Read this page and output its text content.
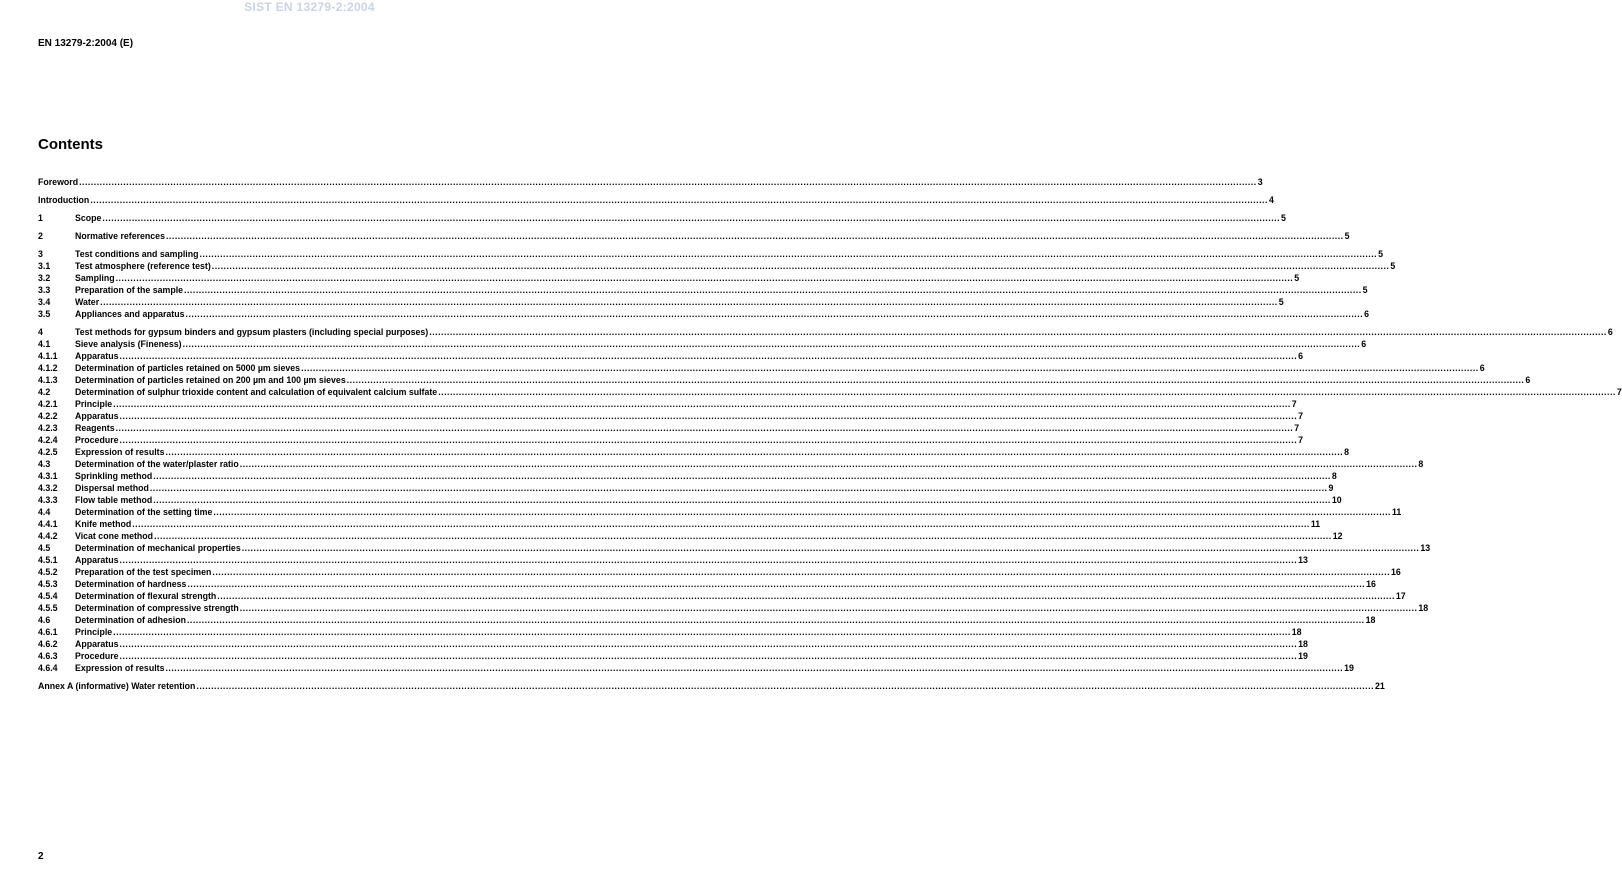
SIST EN 13279-2:2004
EN 13279-2:2004 (E)
Contents
Foreword ................................................................................................................................................................................................................................................................................................................................................................................................................ 3
Introduction ................................................................................................................................................................................................................................................................................................................................................................................................................ 4
1	Scope ................................................................................................................................................................................................................................................................................................................................................................................................................ 5
2	Normative references ................................................................................................................................................................................................................................................................................................................................................................................................................ 5
3	Test conditions and sampling ................................................................................................................................................................................................................................................................................................................................................................................................................ 5
3.1	Test atmosphere (reference test) ................................................................................................................................................................................................................................................................................................................................................................................................................ 5
3.2	Sampling ................................................................................................................................................................................................................................................................................................................................................................................................................ 5
3.3	Preparation of the sample ................................................................................................................................................................................................................................................................................................................................................................................................................ 5
3.4	Water ................................................................................................................................................................................................................................................................................................................................................................................................................ 5
3.5	Appliances and apparatus ................................................................................................................................................................................................................................................................................................................................................................................................................ 6
4	Test methods for gypsum binders and gypsum plasters (including special purposes) ................................................................................................................................................................................................................................................................................................................................................................................................................ 6
4.1	Sieve analysis (Fineness) ................................................................................................................................................................................................................................................................................................................................................................................................................ 6
4.1.1	Apparatus ................................................................................................................................................................................................................................................................................................................................................................................................................ 6
4.1.2	Determination of particles retained on 5000 µm sieves ................................................................................................................................................................................................................................................................................................................................................................................................................ 6
4.1.3	Determination of particles retained on 200 µm and 100 µm sieves ................................................................................................................................................................................................................................................................................................................................................................................................................ 6
4.2	Determination of sulphur trioxide content and calculation of equivalent calcium sulfate ................................................................................................................................................................................................................................................................................................................................................................................................................ 7
4.2.1	Principle ................................................................................................................................................................................................................................................................................................................................................................................................................ 7
4.2.2	Apparatus ................................................................................................................................................................................................................................................................................................................................................................................................................ 7
4.2.3	Reagents ................................................................................................................................................................................................................................................................................................................................................................................................................ 7
4.2.4	Procedure ................................................................................................................................................................................................................................................................................................................................................................................................................ 7
4.2.5	Expression of results ................................................................................................................................................................................................................................................................................................................................................................................................................ 8
4.3	Determination of the water/plaster ratio ................................................................................................................................................................................................................................................................................................................................................................................................................ 8
4.3.1	Sprinkling method ................................................................................................................................................................................................................................................................................................................................................................................................................ 8
4.3.2	Dispersal method ................................................................................................................................................................................................................................................................................................................................................................................................................ 9
4.3.3	Flow table method ................................................................................................................................................................................................................................................................................................................................................................................................................ 10
4.4	Determination of the setting time ................................................................................................................................................................................................................................................................................................................................................................................................................ 11
4.4.1	Knife method ................................................................................................................................................................................................................................................................................................................................................................................................................ 11
4.4.2	Vicat cone method ................................................................................................................................................................................................................................................................................................................................................................................................................ 12
4.5	Determination of mechanical properties ................................................................................................................................................................................................................................................................................................................................................................................................................ 13
4.5.1	Apparatus ................................................................................................................................................................................................................................................................................................................................................................................................................ 13
4.5.2	Preparation of the test specimen ................................................................................................................................................................................................................................................................................................................................................................................................................ 16
4.5.3	Determination of hardness ................................................................................................................................................................................................................................................................................................................................................................................................................ 16
4.5.4	Determination of flexural strength ................................................................................................................................................................................................................................................................................................................................................................................................................ 17
4.5.5	Determination of compressive strength ................................................................................................................................................................................................................................................................................................................................................................................................................ 18
4.6	Determination of adhesion ................................................................................................................................................................................................................................................................................................................................................................................................................ 18
4.6.1	Principle ................................................................................................................................................................................................................................................................................................................................................................................................................ 18
4.6.2	Apparatus ................................................................................................................................................................................................................................................................................................................................................................................................................ 18
4.6.3	Procedure ................................................................................................................................................................................................................................................................................................................................................................................................................ 19
4.6.4	Expression of results ................................................................................................................................................................................................................................................................................................................................................................................................................ 19
Annex A (informative) Water retention ................................................................................................................................................................................................................................................................................................................................................................................................................ 21
2
